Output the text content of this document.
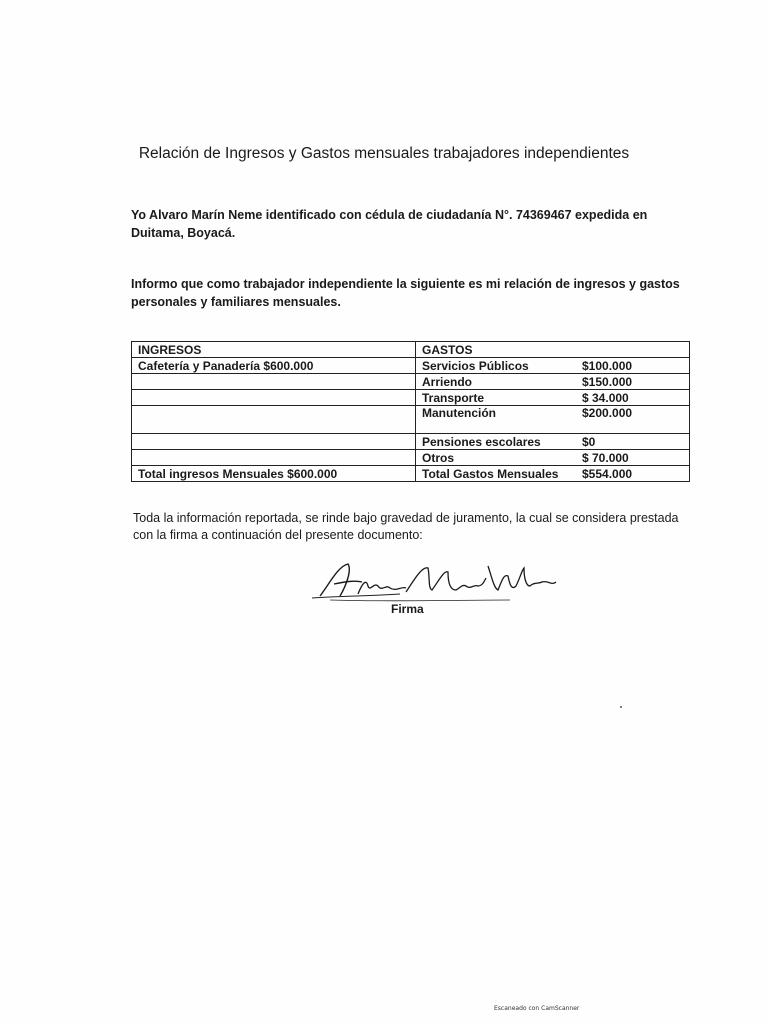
Relación de Ingresos y Gastos mensuales trabajadores independientes
Yo Alvaro Marín Neme identificado con cédula de ciudadanía N°. 74369467 expedida en Duitama, Boyacá.
Informo que como trabajador independiente la siguiente es mi relación de ingresos y gastos personales y familiares mensuales.
INGRESOS	GASTOS
Cafetería y Panadería $600.000	Servicios Públicos $100.000

	Arriendo $150.000

	Transporte $ 34.000

	Manutención $200.000

	Pensiones escolares $0

	Otros $ 70.000

Total ingresos Mensuales $600.000	Total Gastos Mensuales $554.000
Toda la información reportada, se rinde bajo gravedad de juramento, la cual se considera prestada con la firma a continuación del presente documento:
Firma
Escaneado con CamScanner
